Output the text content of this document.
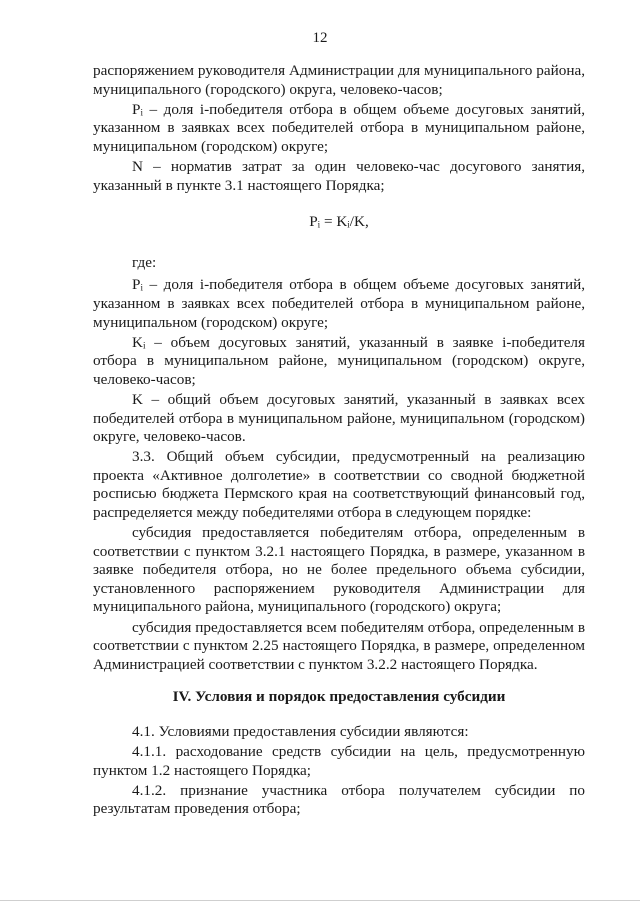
12

распоряжением руководителя Администрации для муниципального района, муниципального (городского) округа, человеко-часов;

Pᵢ – доля i-победителя отбора в общем объеме досуговых занятий, указанном в заявках всех победителей отбора в муниципальном районе, муниципальном (городском) округе;

N – норматив затрат за один человеко-час досугового занятия, указанный в пункте 3.1 настоящего Порядка;

Pᵢ = Kᵢ/K,
где:

Pᵢ – доля i-победителя отбора в общем объеме досуговых занятий, указанном в заявках всех победителей отбора в муниципальном районе, муниципальном (городском) округе;

Kᵢ – объем досуговых занятий, указанный в заявке i-победителя отбора в муниципальном районе, муниципальном (городском) округе, человеко-часов;

K – общий объем досуговых занятий, указанный в заявках всех победителей отбора в муниципальном районе, муниципальном (городском) округе, человеко-часов.

3.3. Общий объем субсидии, предусмотренный на реализацию проекта «Активное долголетие» в соответствии со сводной бюджетной росписью бюджета Пермского края на соответствующий финансовый год, распределяется между победителями отбора в следующем порядке:

субсидия предоставляется победителям отбора, определенным в соответствии с пунктом 3.2.1 настоящего Порядка, в размере, указанном в заявке победителя отбора, но не более предельного объема субсидии, установленного распоряжением руководителя Администрации для муниципального района, муниципального (городского) округа;

субсидия предоставляется всем победителям отбора, определенным в соответствии с пунктом 2.25 настоящего Порядка, в размере, определенном Администрацией соответствии с пунктом 3.2.2 настоящего Порядка.

IV. Условия и порядок предоставления субсидии

4.1. Условиями предоставления субсидии являются:

4.1.1. расходование средств субсидии на цель, предусмотренную пунктом 1.2 настоящего Порядка;

4.1.2. признание участника отбора получателем субсидии по результатам проведения отбора;
